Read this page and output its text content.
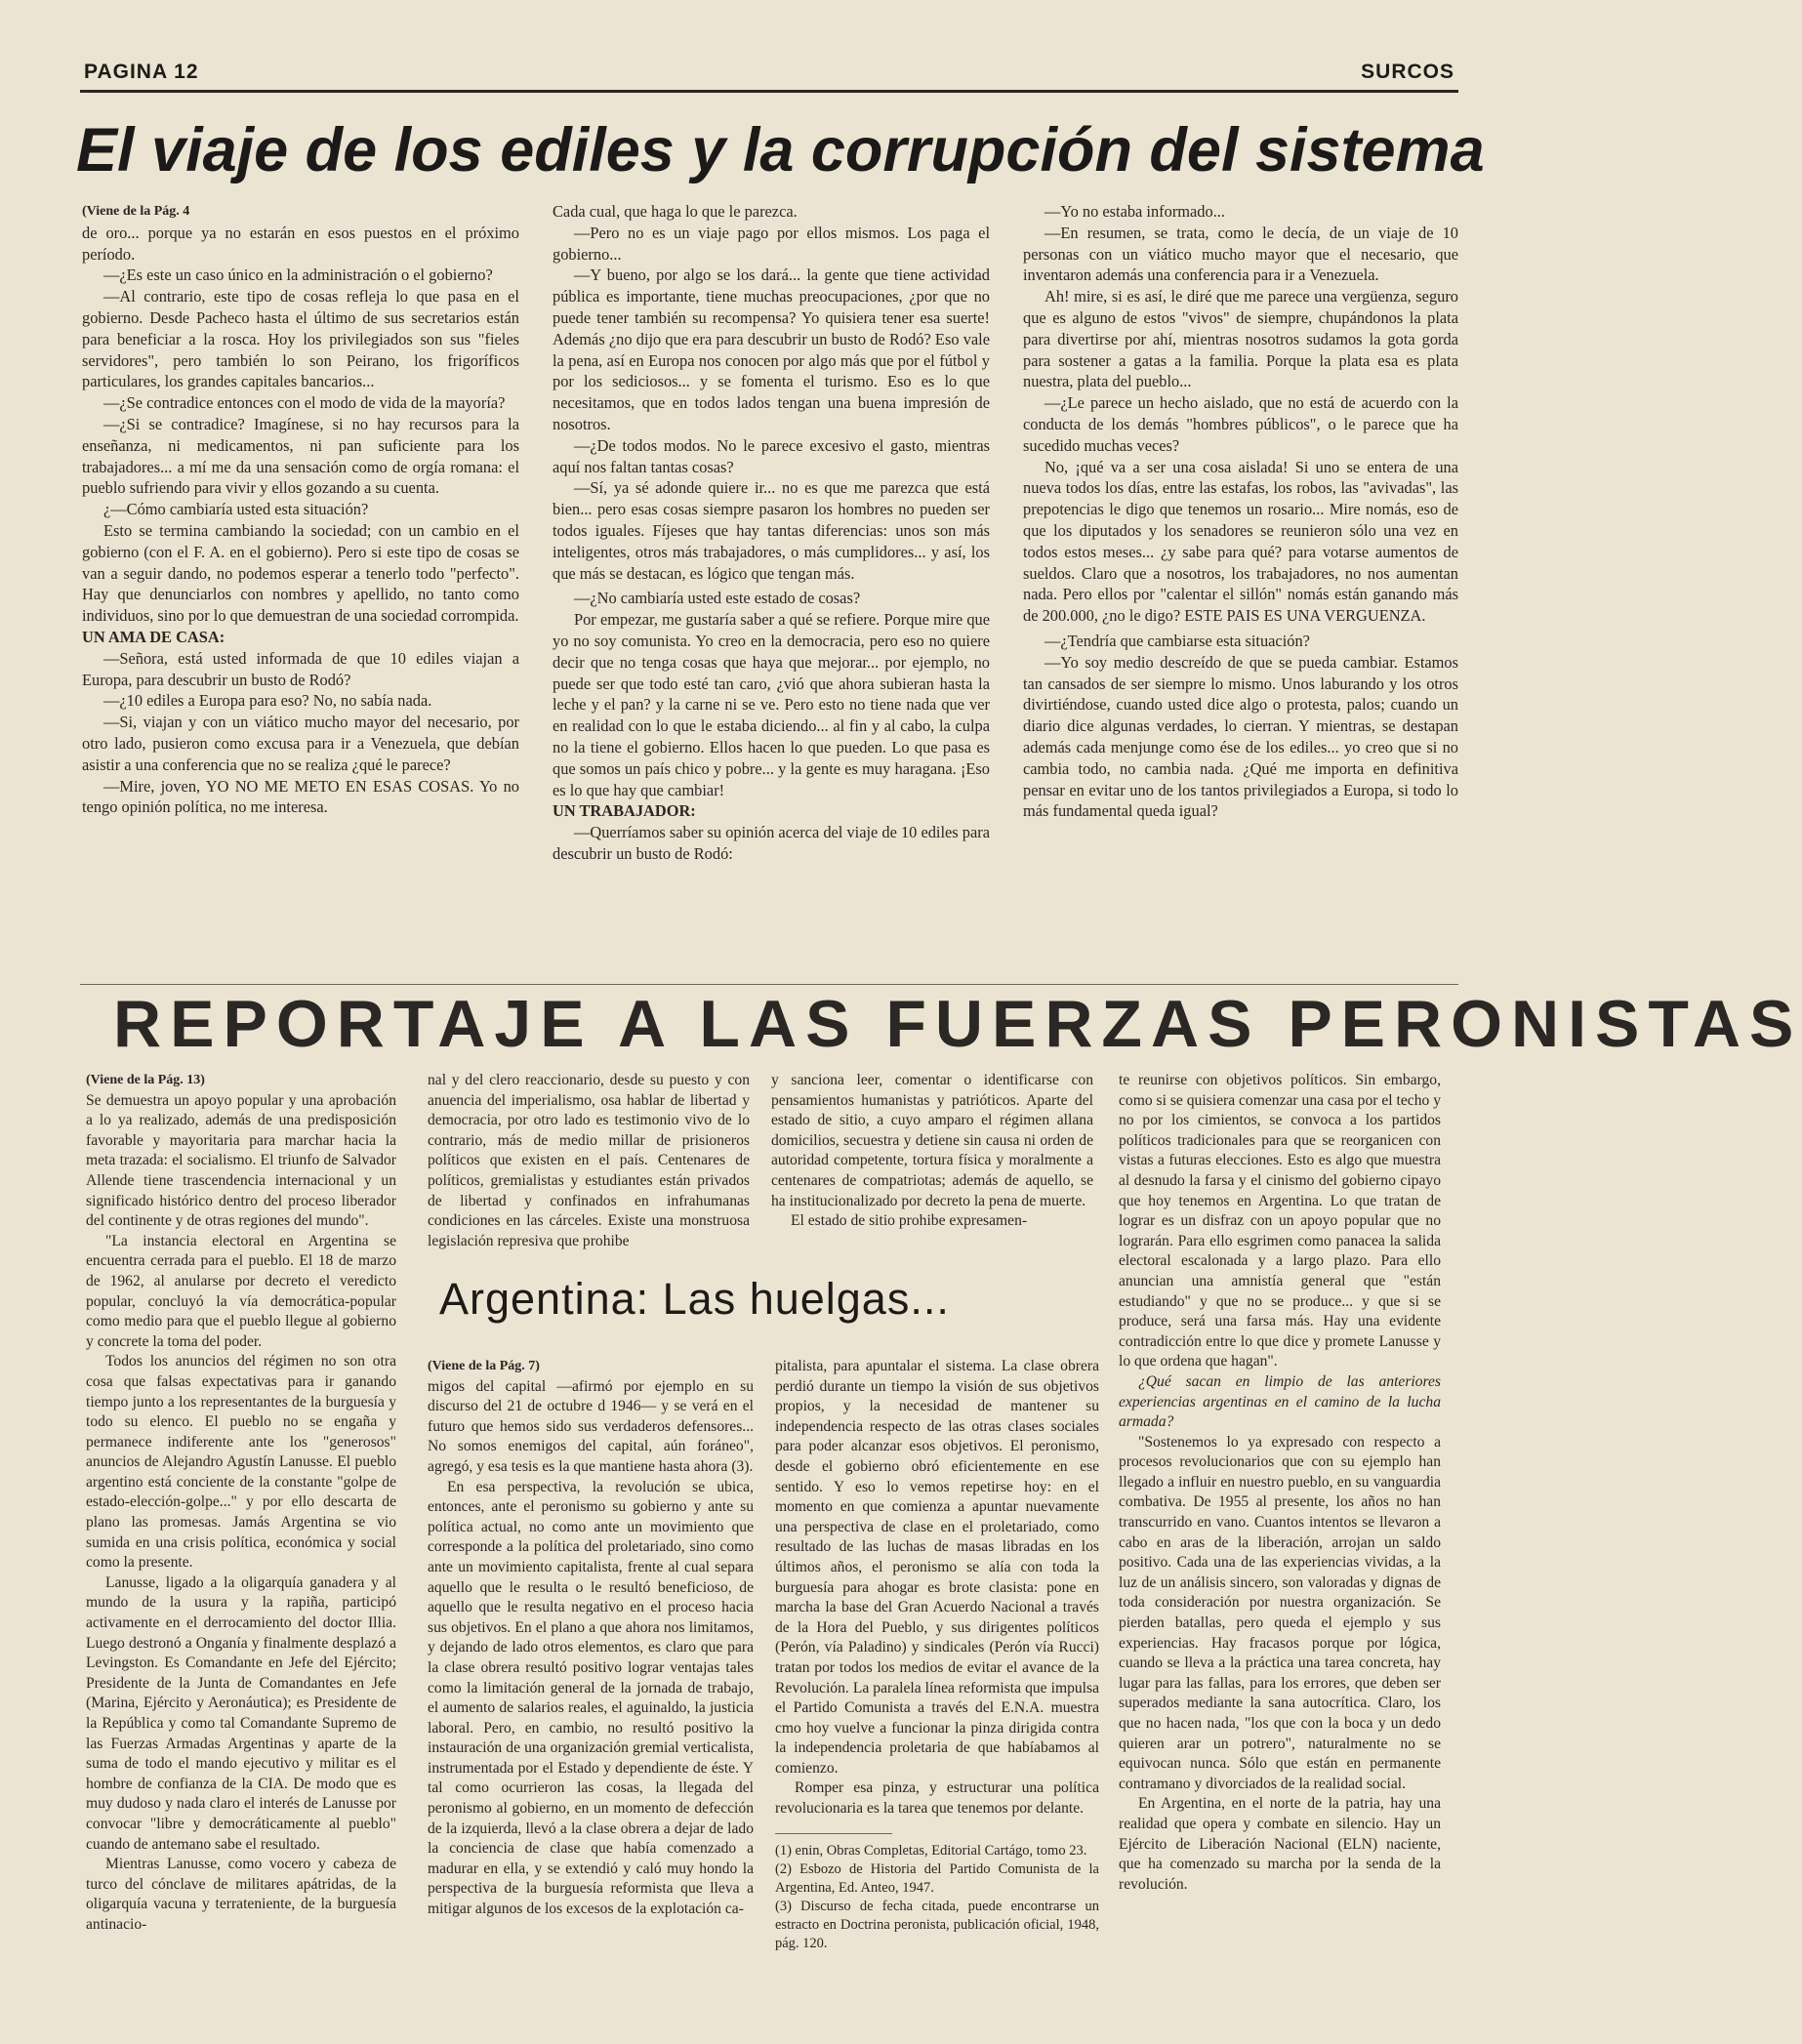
PAGINA 12	SURCOS
El viaje de los ediles y la corrupción del sistema

(Viene de la Pág. 4

de oro... porque ya no estarán en esos puestos en el próximo período.

—¿Es este un caso único en la administración o el gobierno?

—Al contrario, este tipo de cosas refleja lo que pasa en el gobierno. Desde Pacheco hasta el último de sus secretarios están para beneficiar a la rosca. Hoy los privilegiados son sus "fieles servidores", pero también lo son Peirano, los frigoríficos particulares, los grandes capitales bancarios...

—¿Se contradice entonces con el modo de vida de la mayoría?

—¿Si se contradice? Imagínese, si no hay recursos para la enseñanza, ni medicamentos, ni pan suficiente para los trabajadores... a mí me da una sensación como de orgía romana: el pueblo sufriendo para vivir y ellos gozando a su cuenta.

¿—Cómo cambiaría usted esta situación?

Esto se termina cambiando la sociedad; con un cambio en el gobierno (con el F. A. en el gobierno). Pero si este tipo de cosas se van a seguir dando, no podemos esperar a tenerlo todo "perfecto". Hay que denunciarlos con nombres y apellido, no tanto como individuos, sino por lo que demuestran de una sociedad corrompida.

UN AMA DE CASA:

—Señora, está usted informada de que 10 ediles viajan a Europa, para descubrir un busto de Rodó?

—¿10 ediles a Europa para eso? No, no sabía nada.

—Si, viajan y con un viático mucho mayor del necesario, por otro lado, pusieron como excusa para ir a Venezuela, que debían asistir a una conferencia que no se realiza ¿qué le parece?

—Mire, joven, YO NO ME METO EN ESAS COSAS. Yo no tengo opinión política, no me interesa.

Cada cual, que haga lo que le parezca.

—Pero no es un viaje pago por ellos mismos. Los paga el gobierno...

—Y bueno, por algo se los dará... la gente que tiene actividad pública es importante, tiene muchas preocupaciones, ¿por que no puede tener también su recompensa? Yo quisiera tener esa suerte! Además ¿no dijo que era para descubrir un busto de Rodó? Eso vale la pena, así en Europa nos conocen por algo más que por el fútbol y por los sediciosos... y se fomenta el turismo. Eso es lo que necesitamos, que en todos lados tengan una buena impresión de nosotros.

—¿De todos modos. No le parece excesivo el gasto, mientras aquí nos faltan tantas cosas?

—Sí, ya sé adonde quiere ir... no es que me parezca que está bien... pero esas cosas siempre pasaron los hombres no pueden ser todos iguales. Fíjeses que hay tantas diferencias: unos son más inteligentes, otros más trabajadores, o más cumplidores... y así, los que más se destacan, es lógico que tengan más.

—¿No cambiaría usted este estado de cosas?

Por empezar, me gustaría saber a qué se refiere. Porque mire que yo no soy comunista. Yo creo en la democracia, pero eso no quiere decir que no tenga cosas que haya que mejorar... por ejemplo, no puede ser que todo esté tan caro, ¿vió que ahora subieran hasta la leche y el pan? y la carne ni se ve. Pero esto no tiene nada que ver en realidad con lo que le estaba diciendo... al fin y al cabo, la culpa no la tiene el gobierno. Ellos hacen lo que pueden. Lo que pasa es que somos un país chico y pobre... y la gente es muy haragana. ¡Eso es lo que hay que cambiar!

UN TRABAJADOR:

—Querríamos saber su opinión acerca del viaje de 10 ediles para descubrir un busto de Rodó:

—Yo no estaba informado...

—En resumen, se trata, como le decía, de un viaje de 10 personas con un viático mucho mayor que el necesario, que inventaron además una conferencia para ir a Venezuela.

Ah! mire, si es así, le diré que me parece una vergüenza, seguro que es alguno de estos "vivos" de siempre, chupándonos la plata para divertirse por ahí, mientras nosotros sudamos la gota gorda para sostener a gatas a la familia. Porque la plata esa es plata nuestra, plata del pueblo...

—¿Le parece un hecho aislado, que no está de acuerdo con la conducta de los demás "hombres públicos", o le parece que ha sucedido muchas veces?

No, ¡qué va a ser una cosa aislada! Si uno se entera de una nueva todos los días, entre las estafas, los robos, las "avivadas", las prepotencias le digo que tenemos un rosario... Mire nomás, eso de que los diputados y los senadores se reunieron sólo una vez en todos estos meses... ¿y sabe para qué? para votarse aumentos de sueldos. Claro que a nosotros, los trabajadores, no nos aumentan nada. Pero ellos por "calentar el sillón" nomás están ganando más de 200.000, ¿no le digo? ESTE PAIS ES UNA VERGUENZA.

—¿Tendría que cambiarse esta situación?

—Yo soy medio descreído de que se pueda cambiar. Estamos tan cansados de ser siempre lo mismo. Unos laburando y los otros divirtiéndose, cuando usted dice algo o protesta, palos; cuando un diario dice algunas verdades, lo cierran. Y mientras, se destapan además cada menjunge como ése de los ediles... yo creo que si no cambia todo, no cambia nada. ¿Qué me importa en definitiva pensar en evitar uno de los tantos privilegiados a Europa, si todo lo más fundamental queda igual?

REPORTAJE A LAS FUERZAS PERONISTAS

(Viene de la Pág. 13)

Se demuestra un apoyo popular y una aprobación a lo ya realizado, además de una predisposición favorable y mayoritaria para marchar hacia la meta trazada: el socialismo. El triunfo de Salvador Allende tiene trascendencia internacional y un significado histórico dentro del proceso liberador del continente y de otras regiones del mundo".

"La instancia electoral en Argentina se encuentra cerrada para el pueblo. El 18 de marzo de 1962, al anularse por decreto el veredicto popular, concluyó la vía democrática-popular como medio para que el pueblo llegue al gobierno y concrete la toma del poder.

Todos los anuncios del régimen no son otra cosa que falsas expectativas para ir ganando tiempo junto a los representantes de la burguesía y todo su elenco. El pueblo no se engaña y permanece indiferente ante los "generosos" anuncios de Alejandro Agustín Lanusse. El pueblo argentino está conciente de la constante "golpe de estado-elección-golpe..." y por ello descarta de plano las promesas. Jamás Argentina se vio sumida en una crisis política, económica y social como la presente.

Lanusse, ligado a la oligarquía ganadera y al mundo de la usura y la rapiña, participó activamente en el derrocamiento del doctor Illia. Luego destronó a Onganía y finalmente desplazó a Levingston. Es Comandante en Jefe del Ejército; Presidente de la Junta de Comandantes en Jefe (Marina, Ejército y Aeronáutica); es Presidente de la República y como tal Comandante Supremo de las Fuerzas Armadas Argentinas y aparte de la suma de todo el mando ejecutivo y militar es el hombre de confianza de la CIA. De modo que es muy dudoso y nada claro el interés de Lanusse por convocar "libre y democráticamente al pueblo" cuando de antemano sabe el resultado.

Mientras Lanusse, como vocero y cabeza de turco del cónclave de militares apátridas, de la oligarquía vacuna y terrateniente, de la burguesía antinacio-

nal y del clero reaccionario, desde su puesto y con anuencia del imperialismo, osa hablar de libertad y democracia, por otro lado es testimonio vivo de lo contrario, más de medio millar de prisioneros políticos que existen en el país. Centenares de políticos, gremialistas y estudiantes están privados de libertad y confinados en infrahumanas condiciones en las cárceles. Existe una monstruosa legislación represiva que prohibe

y sanciona leer, comentar o identificarse con pensamientos humanistas y patrióticos. Aparte del estado de sitio, a cuyo amparo el régimen allana domicilios, secuestra y detiene sin causa ni orden de autoridad competente, tortura física y moralmente a centenares de compatriotas; además de aquello, se ha institucionalizado por decreto la pena de muerte.

El estado de sitio prohibe expresamen-

te reunirse con objetivos políticos. Sin embargo, como si se quisiera comenzar una casa por el techo y no por los cimientos, se convoca a los partidos políticos tradicionales para que se reorganicen con vistas a futuras elecciones. Esto es algo que muestra al desnudo la farsa y el cinismo del gobierno cipayo que hoy tenemos en Argentina. Lo que tratan de lograr es un disfraz con un apoyo popular que no lograrán. Para ello esgrimen como panacea la salida electoral escalonada y a largo plazo. Para ello anuncian una amnistía general que "están estudiando" y que no se produce... y que si se produce, será una farsa más. Hay una evidente contradicción entre lo que dice y promete Lanusse y lo que ordena que hagan".

¿Qué sacan en limpio de las anteriores experiencias argentinas en el camino de la lucha armada?

"Sostenemos lo ya expresado con respecto a procesos revolucionarios que con su ejemplo han llegado a influir en nuestro pueblo, en su vanguardia combativa. De 1955 al presente, los años no han transcurrido en vano. Cuantos intentos se llevaron a cabo en aras de la liberación, arrojan un saldo positivo. Cada una de las experiencias vividas, a la luz de un análisis sincero, son valoradas y dignas de toda consideración por nuestra organización. Se pierden batallas, pero queda el ejemplo y sus experiencias. Hay fracasos porque por lógica, cuando se lleva a la práctica una tarea concreta, hay lugar para las fallas, para los errores, que deben ser superados mediante la sana autocrítica. Claro, los que no hacen nada, "los que con la boca y un dedo quieren arar un potrero", naturalmente no se equivocan nunca. Sólo que están en permanente contramano y divorciados de la realidad social.

En Argentina, en el norte de la patria, hay una realidad que opera y combate en silencio. Hay un Ejército de Liberación Nacional (ELN) naciente, que ha comenzado su marcha por la senda de la revolución.

Argentina: Las huelgas...

(Viene de la Pág. 7)

migos del capital —afirmó por ejemplo en su discurso del 21 de octubre d 1946— y se verá en el futuro que hemos sido sus verdaderos defensores... No somos enemigos del capital, aún foráneo", agregó, y esa tesis es la que mantiene hasta ahora (3).

En esa perspectiva, la revolución se ubica, entonces, ante el peronismo su gobierno y ante su política actual, no como ante un movimiento que corresponde a la política del proletariado, sino como ante un movimiento capitalista, frente al cual separa aquello que le resulta o le resultó beneficioso, de aquello que le resulta negativo en el proceso hacia sus objetivos. En el plano a que ahora nos limitamos, y dejando de lado otros elementos, es claro que para la clase obrera resultó positivo lograr ventajas tales como la limitación general de la jornada de trabajo, el aumento de salarios reales, el aguinaldo, la justicia laboral. Pero, en cambio, no resultó positivo la instauración de una organización gremial verticalista, instrumentada por el Estado y dependiente de éste. Y tal como ocurrieron las cosas, la llegada del peronismo al gobierno, en un momento de defección de la izquierda, llevó a la clase obrera a dejar de lado la conciencia de clase que había comenzado a madurar en ella, y se extendió y caló muy hondo la perspectiva de la burguesía reformista que lleva a mitigar algunos de los excesos de la explotación ca-

pitalista, para apuntalar el sistema. La clase obrera perdió durante un tiempo la visión de sus objetivos propios, y la necesidad de mantener su independencia respecto de las otras clases sociales para poder alcanzar esos objetivos. El peronismo, desde el gobierno obró eficientemente en ese sentido. Y eso lo vemos repetirse hoy: en el momento en que comienza a apuntar nuevamente una perspectiva de clase en el proletariado, como resultado de las luchas de masas libradas en los últimos años, el peronismo se alía con toda la burguesía para ahogar es brote clasista: pone en marcha la base del Gran Acuerdo Nacional a través de la Hora del Pueblo, y sus dirigentes políticos (Perón, vía Paladino) y sindicales (Perón vía Rucci) tratan por todos los medios de evitar el avance de la Revolución. La paralela línea reformista que impulsa el Partido Comunista a través del E.N.A. muestra cmo hoy vuelve a funcionar la pinza dirigida contra la independencia proletaria de que habíabamos al comienzo.

Romper esa pinza, y estructurar una política revolucionaria es la tarea que tenemos por delante.

(1) enin, Obras Completas, Editorial Cartágo, tomo 23.

(2) Esbozo de Historia del Partido Comunista de la Argentina, Ed. Anteo, 1947.

(3) Discurso de fecha citada, puede encontrarse un estracto en Doctrina peronista, publicación oficial, 1948, pág. 120.
